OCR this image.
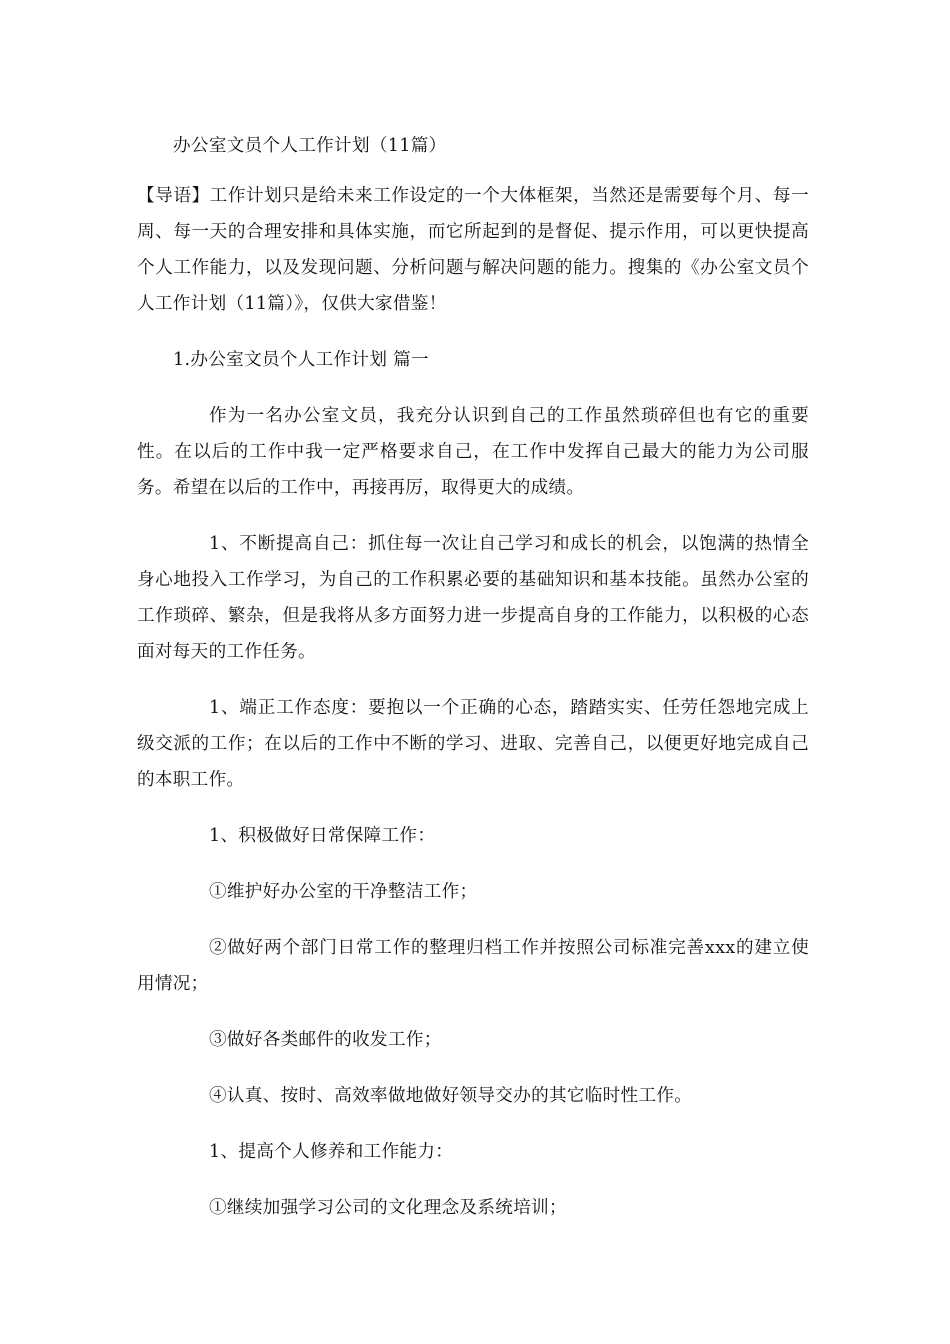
办公室文员个人工作计划（11篇）

【导语】工作计划只是给未来工作设定的一个大体框架，当然还是需要每个月、每一周、每一天的合理安排和具体实施，而它所起到的是督促、提示作用，可以更快提高个人工作能力，以及发现问题、分析问题与解决问题的能力。搜集的《办公室文员个人工作计划（11篇）》，仅供大家借鉴！

1.办公室文员个人工作计划 篇一

作为一名办公室文员，我充分认识到自己的工作虽然琐碎但也有它的重要性。在以后的工作中我一定严格要求自己，在工作中发挥自己最大的能力为公司服务。希望在以后的工作中，再接再厉，取得更大的成绩。

1、不断提高自己：抓住每一次让自己学习和成长的机会，以饱满的热情全身心地投入工作学习，为自己的工作积累必要的基础知识和基本技能。虽然办公室的工作琐碎、繁杂，但是我将从多方面努力进一步提高自身的工作能力，以积极的心态面对每天的工作任务。

1、端正工作态度：要抱以一个正确的心态，踏踏实实、任劳任怨地完成上级交派的工作；在以后的工作中不断的学习、进取、完善自己，以便更好地完成自己的本职工作。

1、积极做好日常保障工作：

①维护好办公室的干净整洁工作；

②做好两个部门日常工作的整理归档工作并按照公司标准完善xxx的建立使用情况；

③做好各类邮件的收发工作；

④认真、按时、高效率做地做好领导交办的其它临时性工作。

1、提高个人修养和工作能力：

①继续加强学习公司的文化理念及系统培训；
